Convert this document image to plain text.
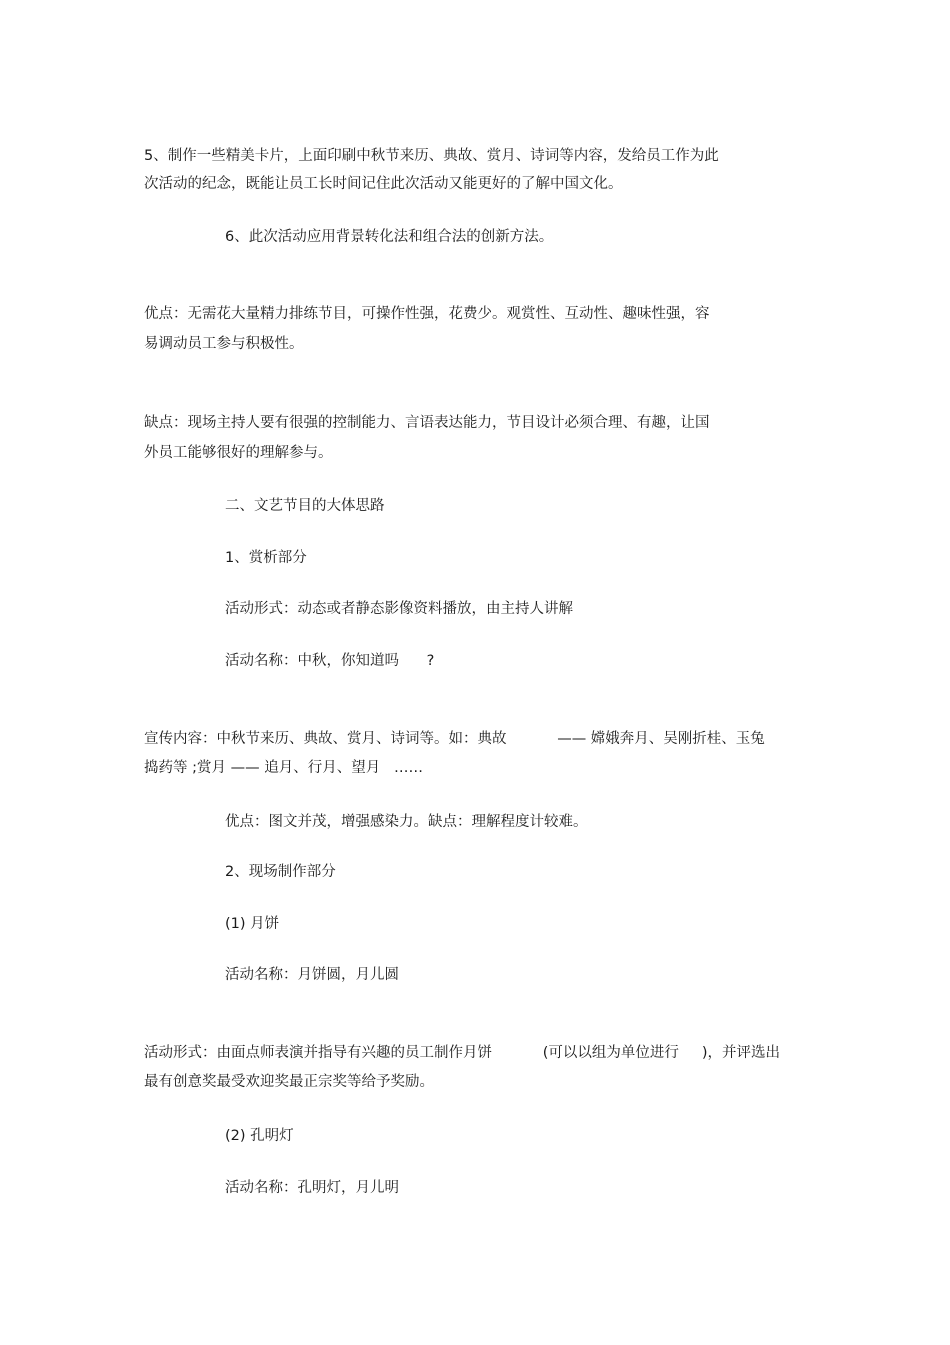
5、制作一些精美卡片，上面印刷中秋节来历、典故、赏月、诗词等内容，发给员工作为此

次活动的纪念，既能让员工长时间记住此次活动又能更好的了解中国文化。

6、此次活动应用背景转化法和组合法的创新方法。

优点：无需花大量精力排练节目，可操作性强，花费少。观赏性、互动性、趣味性强，容

易调动员工参与积极性。

缺点：现场主持人要有很强的控制能力、言语表达能力，节目设计必须合理、有趣，让国

外员工能够很好的理解参与。

二、文艺节目的大体思路

1、赏析部分

活动形式：动态或者静态影像资料播放，由主持人讲解

活动名称：中秋，你知道吗      ?

宣传内容：中秋节来历、典故、赏月、诗词等。如：典故           —— 嫦娥奔月、吴刚折桂、玉兔

捣药等 ;赏月 —— 追月、行月、望月   ……

优点：图文并茂，增强感染力。缺点：理解程度计较难。

2、现场制作部分

(1) 月饼

活动名称：月饼圆，月儿圆

活动形式：由面点师表演并指导有兴趣的员工制作月饼           (可以以组为单位进行     )，并评选出

最有创意奖最受欢迎奖最正宗奖等给予奖励。

(2) 孔明灯

活动名称：孔明灯，月儿明
